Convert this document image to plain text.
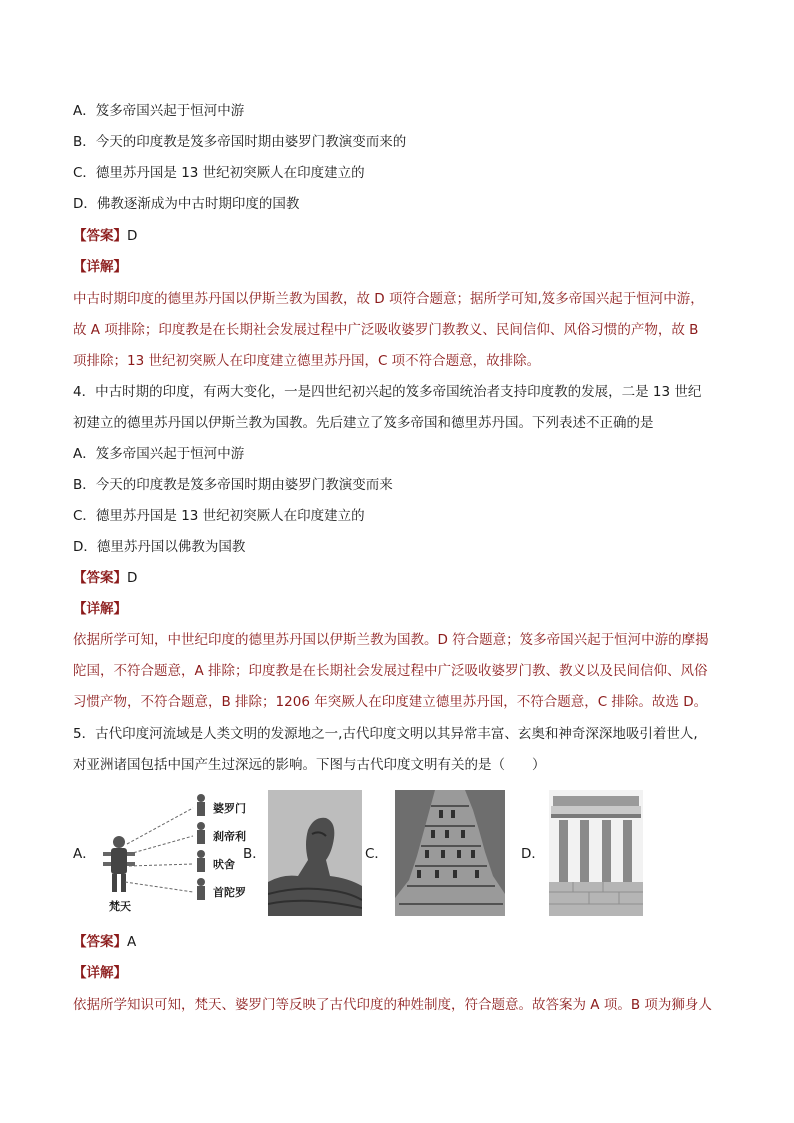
A．笈多帝国兴起于恒河中游
B．今天的印度教是笈多帝国时期由婆罗门教演变而来的
C．德里苏丹国是 13 世纪初突厥人在印度建立的
D．佛教逐渐成为中古时期印度的国教
【答案】D
【详解】
中古时期印度的德里苏丹国以伊斯兰教为国教，故 D 项符合题意；据所学可知,笈多帝国兴起于恒河中游，
故 A 项排除；印度教是在长期社会发展过程中广泛吸收婆罗门教教义、民间信仰、风俗习惯的产物，故 B
项排除；13 世纪初突厥人在印度建立德里苏丹国，C 项不符合题意，故排除。
4．中古时期的印度，有两大变化，一是四世纪初兴起的笈多帝国统治者支持印度教的发展，二是 13 世纪
初建立的德里苏丹国以伊斯兰教为国教。先后建立了笈多帝国和德里苏丹国。下列表述不正确的是
A．笈多帝国兴起于恒河中游
B．今天的印度教是笈多帝国时期由婆罗门教演变而来
C．德里苏丹国是 13 世纪初突厥人在印度建立的
D．德里苏丹国以佛教为国教
【答案】D
【详解】
依据所学可知，中世纪印度的德里苏丹国以伊斯兰教为国教。D 符合题意；笈多帝国兴起于恒河中游的摩揭
陀国，不符合题意，A 排除；印度教是在长期社会发展过程中广泛吸收婆罗门教、教义以及民间信仰、风俗
习惯产物，不符合题意，B 排除；1206 年突厥人在印度建立德里苏丹国，不符合题意，C 排除。故选 D。
5．古代印度河流域是人类文明的发源地之一,古代印度文明以其异常丰富、玄奥和神奇深深地吸引着世人,
对亚洲诸国包括中国产生过深远的影响。下图与古代印度文明有关的是（　　）
A．
婆罗门
刹帝利
吠舍
首陀罗
梵天
B．	C．	D．
【答案】A
【详解】
依据所学知识可知，梵天、婆罗门等反映了古代印度的种姓制度，符合题意。故答案为 A 项。B 项为狮身人
